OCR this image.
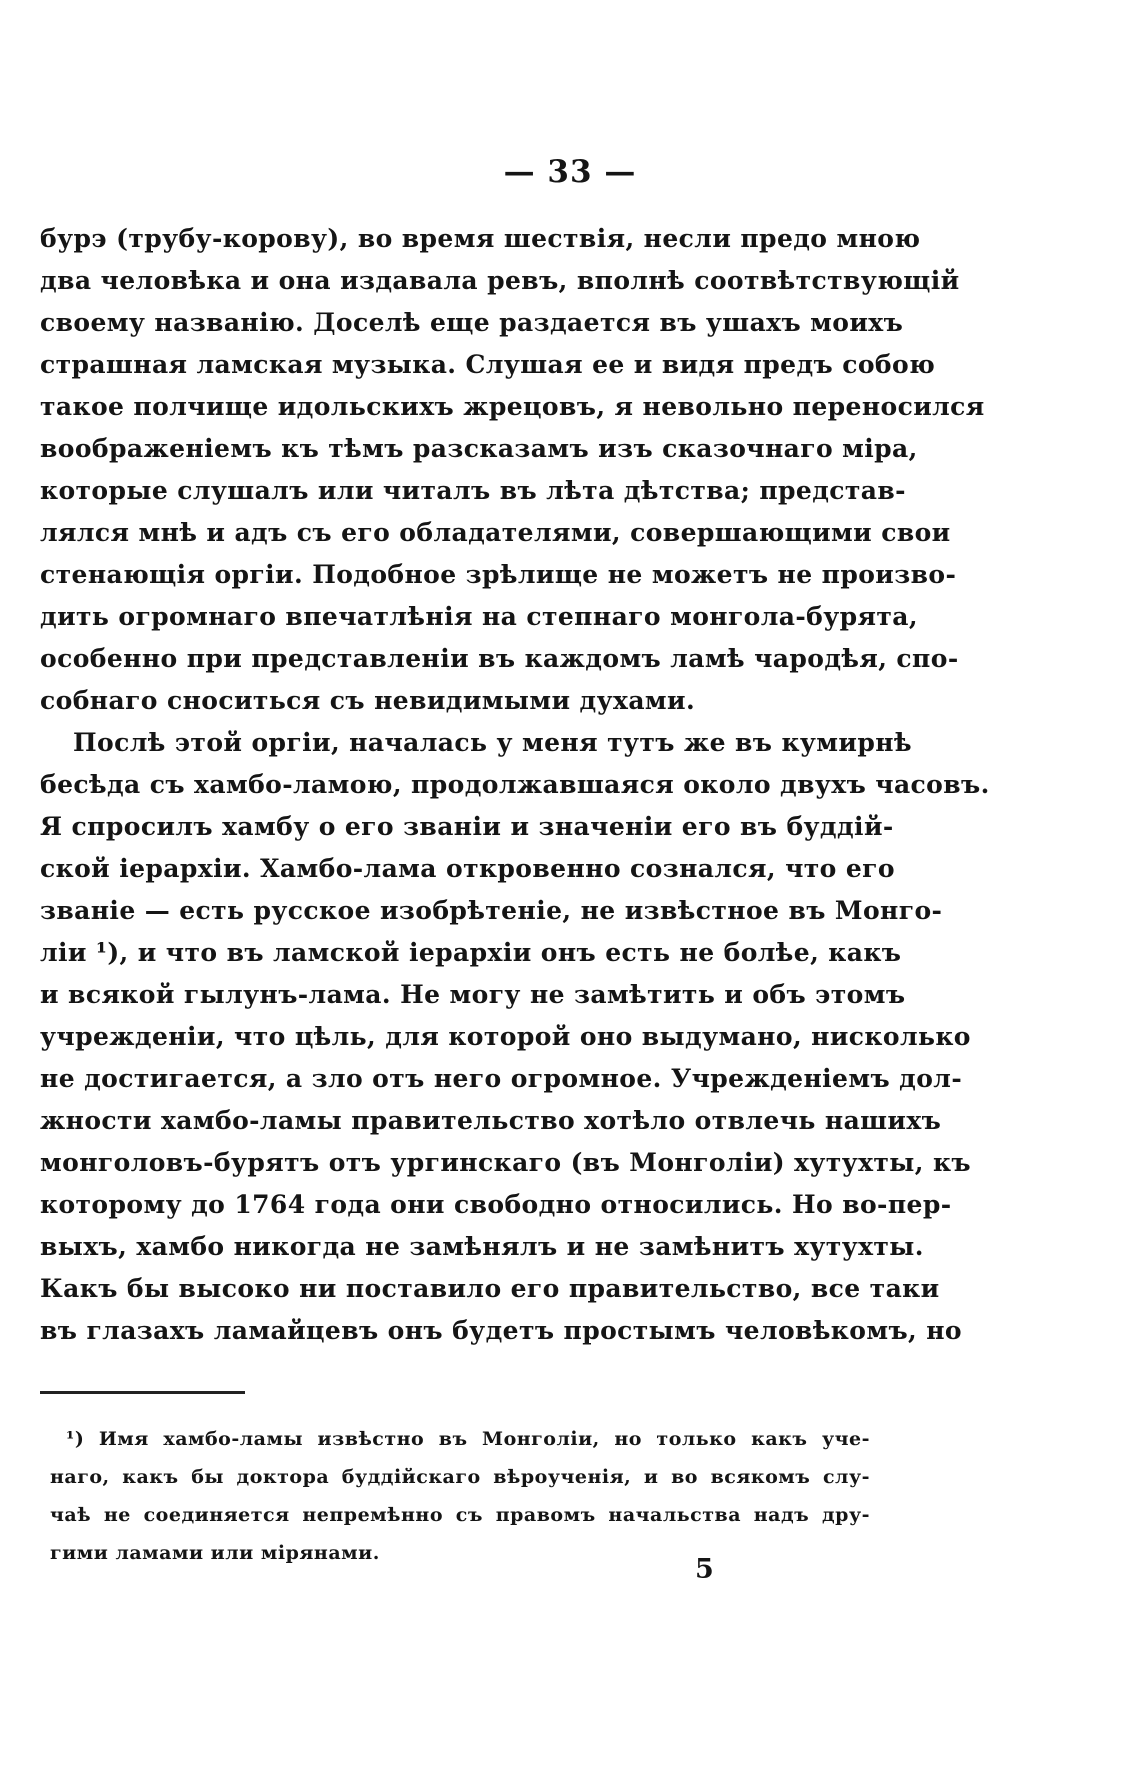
— 33 —
бурэ (трубу-корову), во время шествія, несли предо мною
два человѣка и она издавала ревъ, вполнѣ соотвѣтствующій
своему названію. Доселѣ еще раздается въ ушахъ моихъ
страшная ламская музыка. Слушая ее и видя предъ собою
такое полчище идольскихъ жрецовъ, я невольно переносился
воображеніемъ къ тѣмъ разсказамъ изъ сказочнаго міра,
которые слушалъ или читалъ въ лѣта дѣтства; представ-
лялся мнѣ и адъ съ его обладателями, совершающими свои
стенающія оргіи. Подобное зрѣлище не можетъ не произво-
дить огромнаго впечатлѣнія на степнаго монгола-бурята,
особенно при представленіи въ каждомъ ламѣ чародѣя, спо-
собнаго сноситься съ невидимыми духами.
Послѣ этой оргіи, началась у меня тутъ же въ кумирнѣ
бесѣда съ хамбо-ламою, продолжавшаяся около двухъ часовъ.
Я спросилъ хамбу о его званіи и значеніи его въ буддій-
ской іерархіи. Хамбо-лама откровенно сознался, что его
званіе — есть русское изобрѣтеніе, не извѣстное въ Монго-
ліи ¹), и что въ ламской іерархіи онъ есть не болѣе, какъ
и всякой гылунъ-лама. Не могу не замѣтить и объ этомъ
учрежденіи, что цѣль, для которой оно выдумано, нисколько
не достигается, а зло отъ него огромное. Учрежденіемъ дол-
жности хамбо-ламы правительство хотѣло отвлечь нашихъ
монголовъ-бурятъ отъ ургинскаго (въ Монголіи) хутухты, къ
которому до 1764 года они свободно относились. Но во-пер-
выхъ, хамбо никогда не замѣнялъ и не замѣнитъ хутухты.
Какъ бы высоко ни поставило его правительство, все таки
въ глазахъ ламайцевъ онъ будетъ простымъ человѣкомъ, но
¹) Имя хамбо-ламы извѣстно въ Монголіи, но только какъ уче-
наго, какъ бы доктора буддійскаго вѣроученія, и во всякомъ слу-
чаѣ не соединяется непремѣнно съ правомъ начальства надъ дру-
гими ламами или мірянами.
5
